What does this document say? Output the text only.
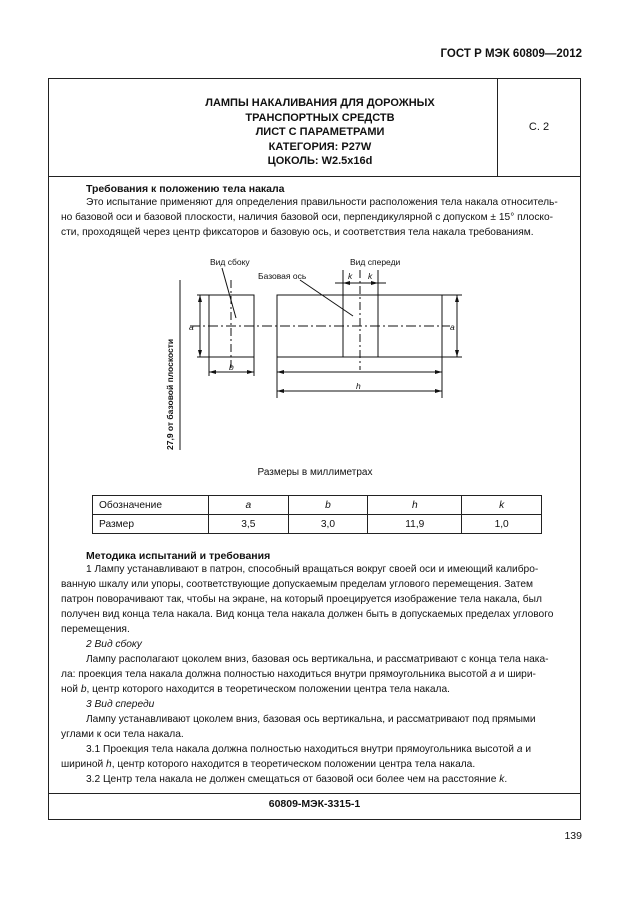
ГОСТ Р МЭК 60809—2012
ЛАМПЫ НАКАЛИВАНИЯ ДЛЯ ДОРОЖНЫХ
ТРАНСПОРТНЫХ СРЕДСТВ
ЛИСТ С ПАРАМЕТРАМИ
КАТЕГОРИЯ: P27W
ЦОКОЛЬ: W2.5x16d
С. 2
Требования к положению тела накала
Это испытание применяют для определения правильности расположения тела накала относитель-
но базовой оси и базовой плоскости, наличия базовой оси, перпендикулярной с допуском ± 15° плоско-
сти, проходящей через центр фиксаторов и базовую ось, и соответствия тела накала требованиям.
Вид сбоку	Вид спереди
Базовая ось	k k
a	a
b
h
27,9 от базовой плоскости
Размеры в миллиметрах
Обозначение	a	b	h	k
Размер	3,5	3,0	11,9	1,0
Методика испытаний и требования
1 Лампу устанавливают в патрон, способный вращаться вокруг своей оси и имеющий калибро-
ванную шкалу или упоры, соответствующие допускаемым пределам углового перемещения. Затем
патрон поворачивают так, чтобы на экране, на который проецируется изображение тела накала, был
получен вид конца тела накала. Вид конца тела накала должен быть в допускаемых пределах углового
перемещения.
2 Вид сбоку
Лампу располагают цоколем вниз, базовая ось вертикальна, и рассматривают с конца тела нака-
ла: проекция тела накала должна полностью находиться внутри прямоугольника высотой a и шири-
ной b, центр которого находится в теоретическом положении центра тела накала.
3 Вид спереди
Лампу устанавливают цоколем вниз, базовая ось вертикальна, и рассматривают под прямыми
углами к оси тела накала.
3.1 Проекция тела накала должна полностью находиться внутри прямоугольника высотой a и
шириной h, центр которого находится в теоретическом положении центра тела накала.
3.2 Центр тела накала не должен смещаться от базовой оси более чем на расстояние k.
60809-МЭК-3315-1
139
